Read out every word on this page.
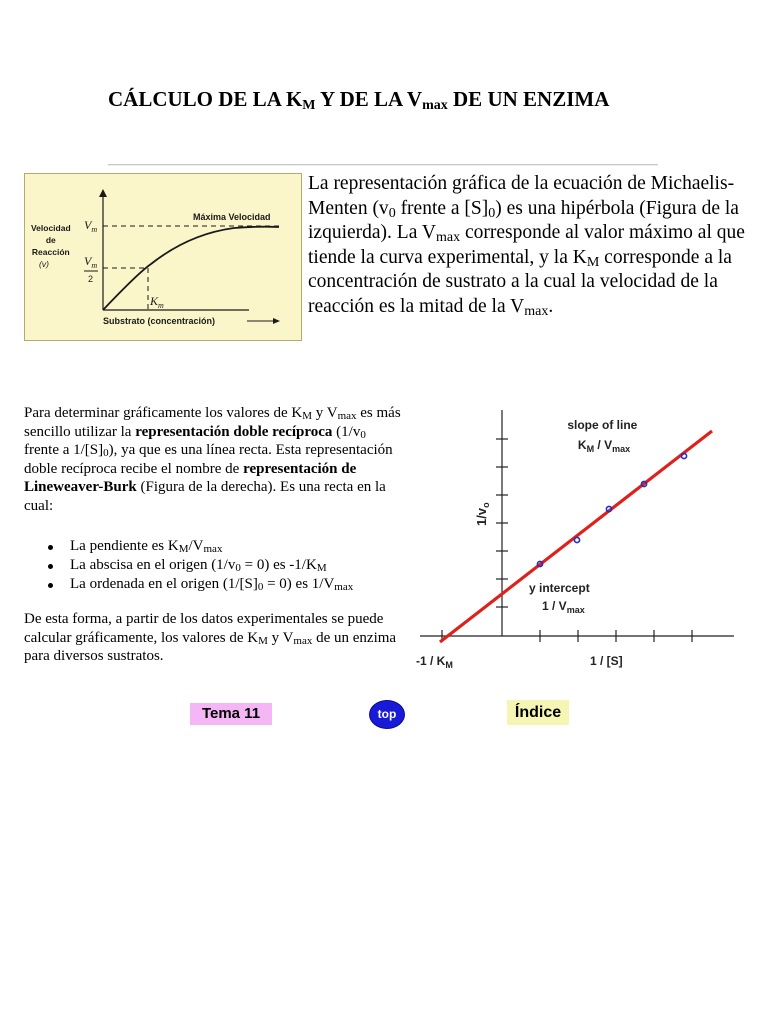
CÁLCULO DE LA $K_M$ Y DE LA $V_{max}$ DE UN ENZIMA
Velocidad de Reacción (v)
$V_m$
$V_m$
2
$K_m$
Máxima Velocidad
Substrato (concentración)

La representación gráfica de la ecuación de Michaelis-Menten ($v_0$ frente a $[S]_0$) es una hipérbola (Figura de la izquierda). La $V_{max}$ corresponde al valor máximo al que tiende la curva experimental, y la $K_M$ corresponde a la concentración de sustrato a la cual la velocidad de la reacción es la mitad de la $V_{max}$.

Para determinar gráficamente los valores de $K_M$ y $V_{max}$ es más sencillo utilizar la representación doble recíproca ($1/v_0$ frente a $1/[S]_0$), ya que es una línea recta. Esta representación doble recíproca recibe el nombre de representación de Lineweaver-Burk (Figura de la derecha). Es una recta en la cual:

La pendiente es $K_M/V_{max}$
La abscisa en el origen $(1/v_0 = 0)$ es $-1/K_M$
La ordenada en el origen $(1/[S]_0 = 0)$ es $1/V_{max}$

De esta forma, a partir de los datos experimentales se puede calcular gráficamente, los valores de $K_M$ y $V_{max}$ de un enzima para diversos sustratos.

$1/v_o$
slope of line $K_M / V_{max}$
y intercept $1 / V_{max}$
$-1 / K_M$	1 / [S]
Tema 11	top	Índice
